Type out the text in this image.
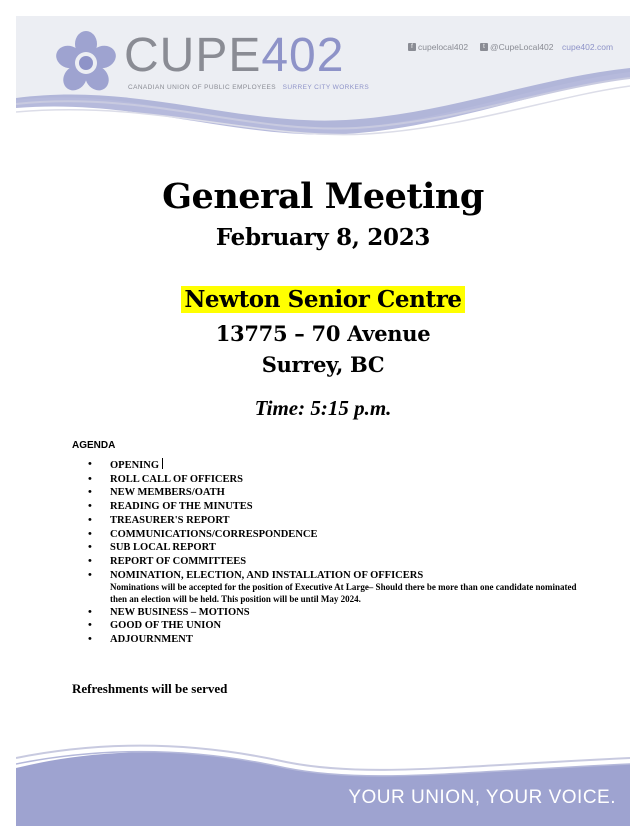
CUPE402
CANADIAN UNION OF PUBLIC EMPLOYEES SURREY CITY WORKERS
f cupelocal402	t @CupeLocal402 cupe402.com
General Meeting
February 8, 2023
Newton Senior Centre
13775 – 70 Avenue
Surrey, BC
Time: 5:15 p.m.
AGENDA
• OPENING
• ROLL CALL OF OFFICERS
• NEW MEMBERS/OATH
• READING OF THE MINUTES
• TREASURER'S REPORT
• COMMUNICATIONS/CORRESPONDENCE
• SUB LOCAL REPORT
• REPORT OF COMMITTEES
• NOMINATION, ELECTION, AND INSTALLATION OF OFFICERS
Nominations will be accepted for the position of Executive At Large– Should there be more than one candidate nominated then an election will be held. This position will be until May 2024.
• NEW BUSINESS – MOTIONS
• GOOD OF THE UNION
• ADJOURNMENT
Refreshments will be served
YOUR UNION, YOUR VOICE.
